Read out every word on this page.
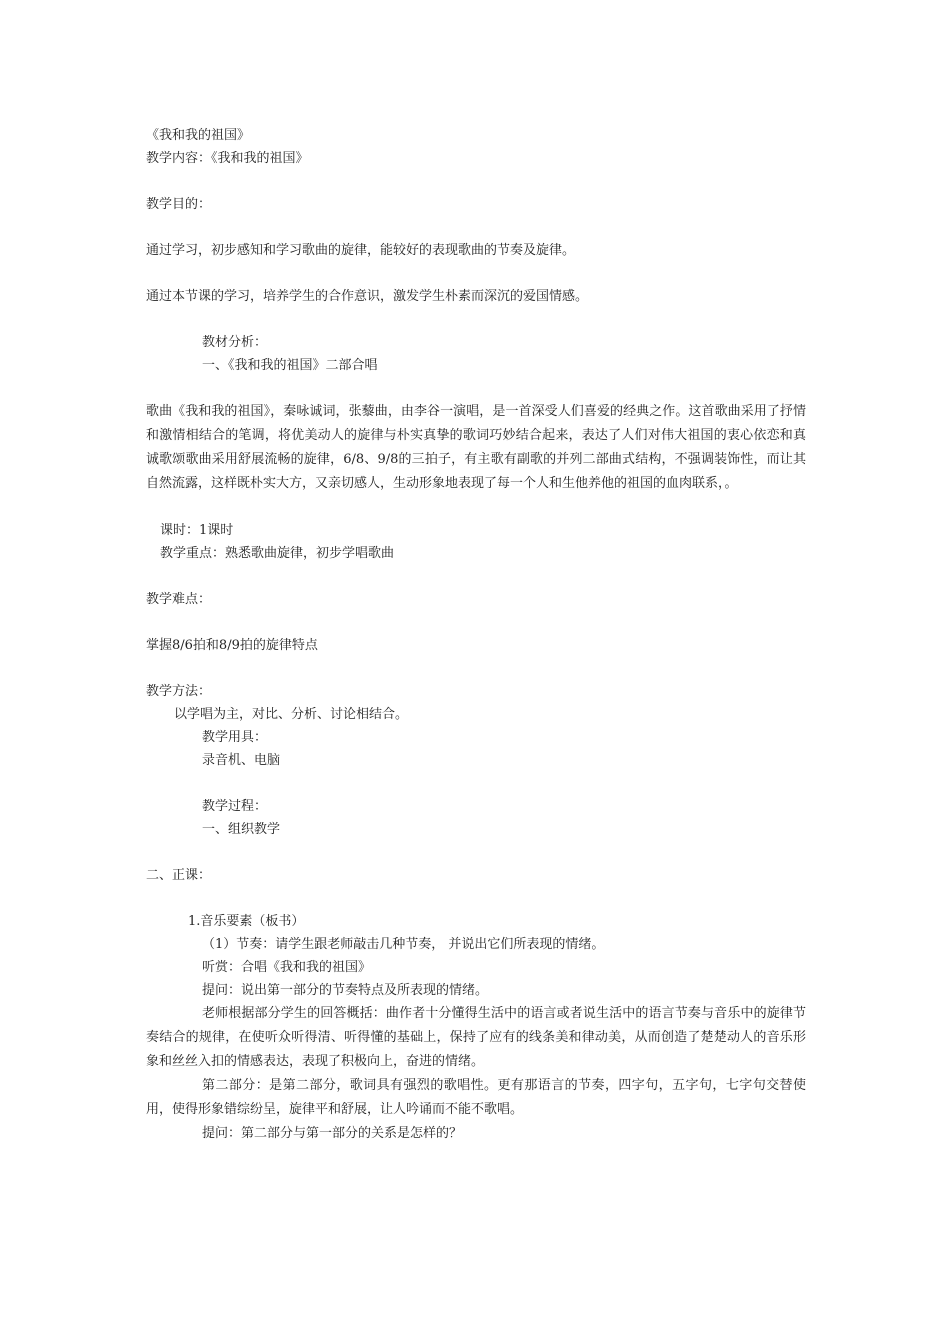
《我和我的祖国》

教学内容：《我和我的祖国》

教学目的：

通过学习，初步感知和学习歌曲的旋律，能较好的表现歌曲的节奏及旋律。

通过本节课的学习，培养学生的合作意识，激发学生朴素而深沉的爱国情感。

教材分析：

一、《我和我的祖国》二部合唱

歌曲《我和我的祖国》，秦咏诚词，张藜曲，由李谷一演唱，是一首深受人们喜爱的经典之作。这首歌曲采用了抒情和激情相结合的笔调，将优美动人的旋律与朴实真挚的歌词巧妙结合起来，表达了人们对伟大祖国的衷心依恋和真诚歌颂歌曲采用舒展流畅的旋律，6/8、9/8的三拍子，有主歌有副歌的并列二部曲式结构，不强调装饰性，而让其自然流露，这样既朴实大方，又亲切感人，生动形象地表现了每一个人和生他养他的祖国的血肉联系，。

课时：1课时

教学重点：熟悉歌曲旋律，初步学唱歌曲

教学难点：

掌握8/6拍和8/9拍的旋律特点

教学方法：

以学唱为主，对比、分析、讨论相结合。

教学用具：

录音机、电脑

教学过程：

一、组织教学

二、正课：

1.音乐要素（板书）

（1）节奏：请学生跟老师敲击几种节奏， 并说出它们所表现的情绪。

听赏：合唱《我和我的祖国》

提问：说出第一部分的节奏特点及所表现的情绪。

老师根据部分学生的回答概括：曲作者十分懂得生活中的语言或者说生活中的语言节奏与音乐中的旋律节奏结合的规律，在使听众听得清、听得懂的基础上，保持了应有的线条美和律动美，从而创造了楚楚动人的音乐形象和丝丝入扣的情感表达，表现了积极向上，奋进的情绪。

第二部分：是第二部分，歌词具有强烈的歌唱性。更有那语言的节奏，四字句，五字句，七字句交替使用，使得形象错综纷呈，旋律平和舒展，让人吟诵而不能不歌唱。

提问：第二部分与第一部分的关系是怎样的？
